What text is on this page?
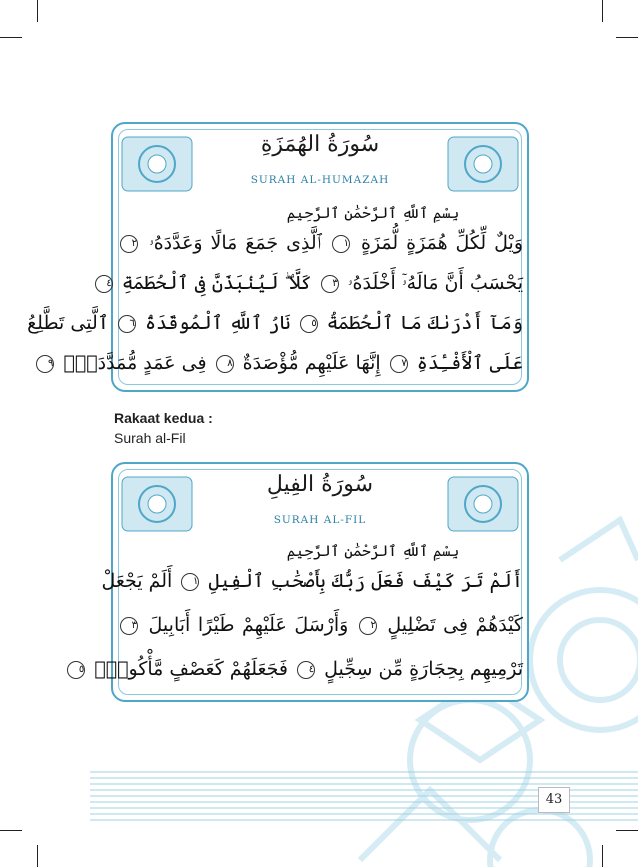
سُورَةُ الهُمَزَةِ
SURAH AL-HUMAZAH
بِسْمِ ٱللَّهِ ٱلرَّحْمَٰنِ ٱلرَّحِيمِ
وَيْلٌ لِّكُلِّ هُمَزَةٍ لُّمَزَةٍ ١ ٱلَّذِى جَمَعَ مَالًا وَعَدَّدَهُۥ ٢
يَحْسَبُ أَنَّ مَالَهُۥٓ أَخْلَدَهُۥ ٣ كَلَّا ۖ لَيُنۢبَذَنَّ فِى ٱلْحُطَمَةِ ٤
وَمَآ أَدْرَىٰكَ مَا ٱلْحُطَمَةُ ٥ نَارُ ٱللَّهِ ٱلْمُوقَدَةُ ٦ ٱلَّتِى تَطَّلِعُ
عَلَى ٱلْأَفْـِٔدَةِ ٧ إِنَّهَا عَلَيْهِم مُّؤْصَدَةٌ ٨ فِى عَمَدٍ مُّمَدَّدَةٍۭ ٩
Rakaat kedua :
Surah al-Fil
سُورَةُ الفِيلِ
SURAH AL-FIL
بِسْمِ ٱللَّهِ ٱلرَّحْمَٰنِ ٱلرَّحِيمِ
أَلَمْ تَرَ كَيْفَ فَعَلَ رَبُّكَ بِأَصْحَٰبِ ٱلْفِيلِ ١ أَلَمْ يَجْعَلْ
كَيْدَهُمْ فِى تَضْلِيلٍ ٢ وَأَرْسَلَ عَلَيْهِمْ طَيْرًا أَبَابِيلَ ٣
تَرْمِيهِم بِحِجَارَةٍ مِّن سِجِّيلٍ ٤ فَجَعَلَهُمْ كَعَصْفٍ مَّأْكُولٍۭ ٥
43
